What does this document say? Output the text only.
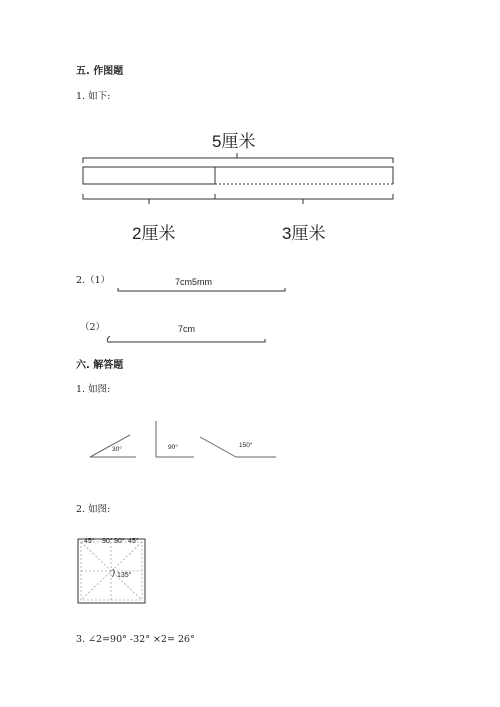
五. 作图题
1. 如下:
5厘米
2厘米	3厘米
2.（1）	7cm5mm
（2）	7cm
六. 解答题
1. 如图:
30°	90°	150°
2. 如图:
45° 90° 90° 45°
135°
3. ∠2=90° -32° ×2= 26°
